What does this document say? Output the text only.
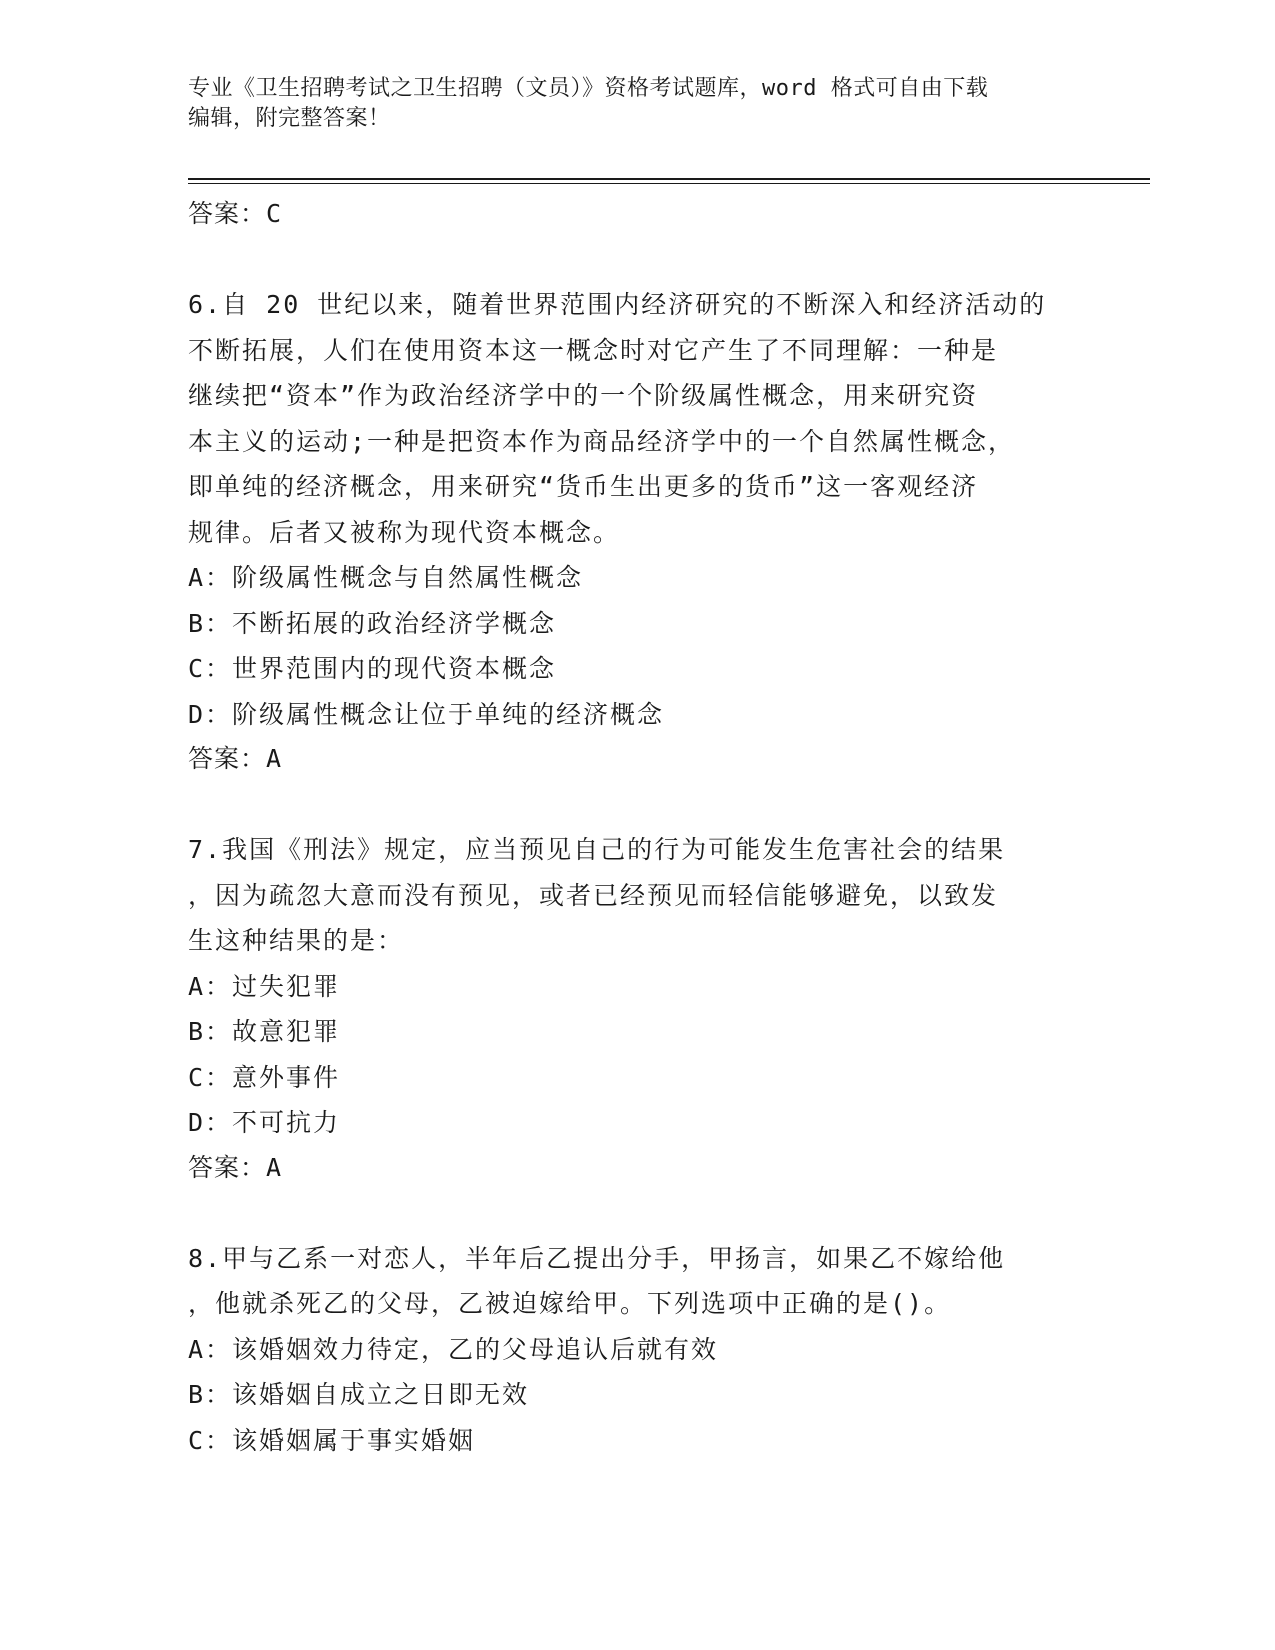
专业《卫生招聘考试之卫生招聘（文员）》资格考试题库，word 格式可自由下载
编辑，附完整答案！
答案：C
6.自 20 世纪以来，随着世界范围内经济研究的不断深入和经济活动的
不断拓展，人们在使用资本这一概念时对它产生了不同理解：一种是
继续把“资本”作为政治经济学中的一个阶级属性概念，用来研究资
本主义的运动;一种是把资本作为商品经济学中的一个自然属性概念，
即单纯的经济概念，用来研究“货币生出更多的货币”这一客观经济
规律。后者又被称为现代资本概念。
A：阶级属性概念与自然属性概念
B：不断拓展的政治经济学概念
C：世界范围内的现代资本概念
D：阶级属性概念让位于单纯的经济概念
答案：A
7.我国《刑法》规定，应当预见自己的行为可能发生危害社会的结果
，因为疏忽大意而没有预见，或者已经预见而轻信能够避免，以致发
生这种结果的是：
A：过失犯罪
B：故意犯罪
C：意外事件
D：不可抗力
答案：A
8.甲与乙系一对恋人，半年后乙提出分手，甲扬言，如果乙不嫁给他
，他就杀死乙的父母，乙被迫嫁给甲。下列选项中正确的是()。
A：该婚姻效力待定，乙的父母追认后就有效
B：该婚姻自成立之日即无效
C：该婚姻属于事实婚姻
